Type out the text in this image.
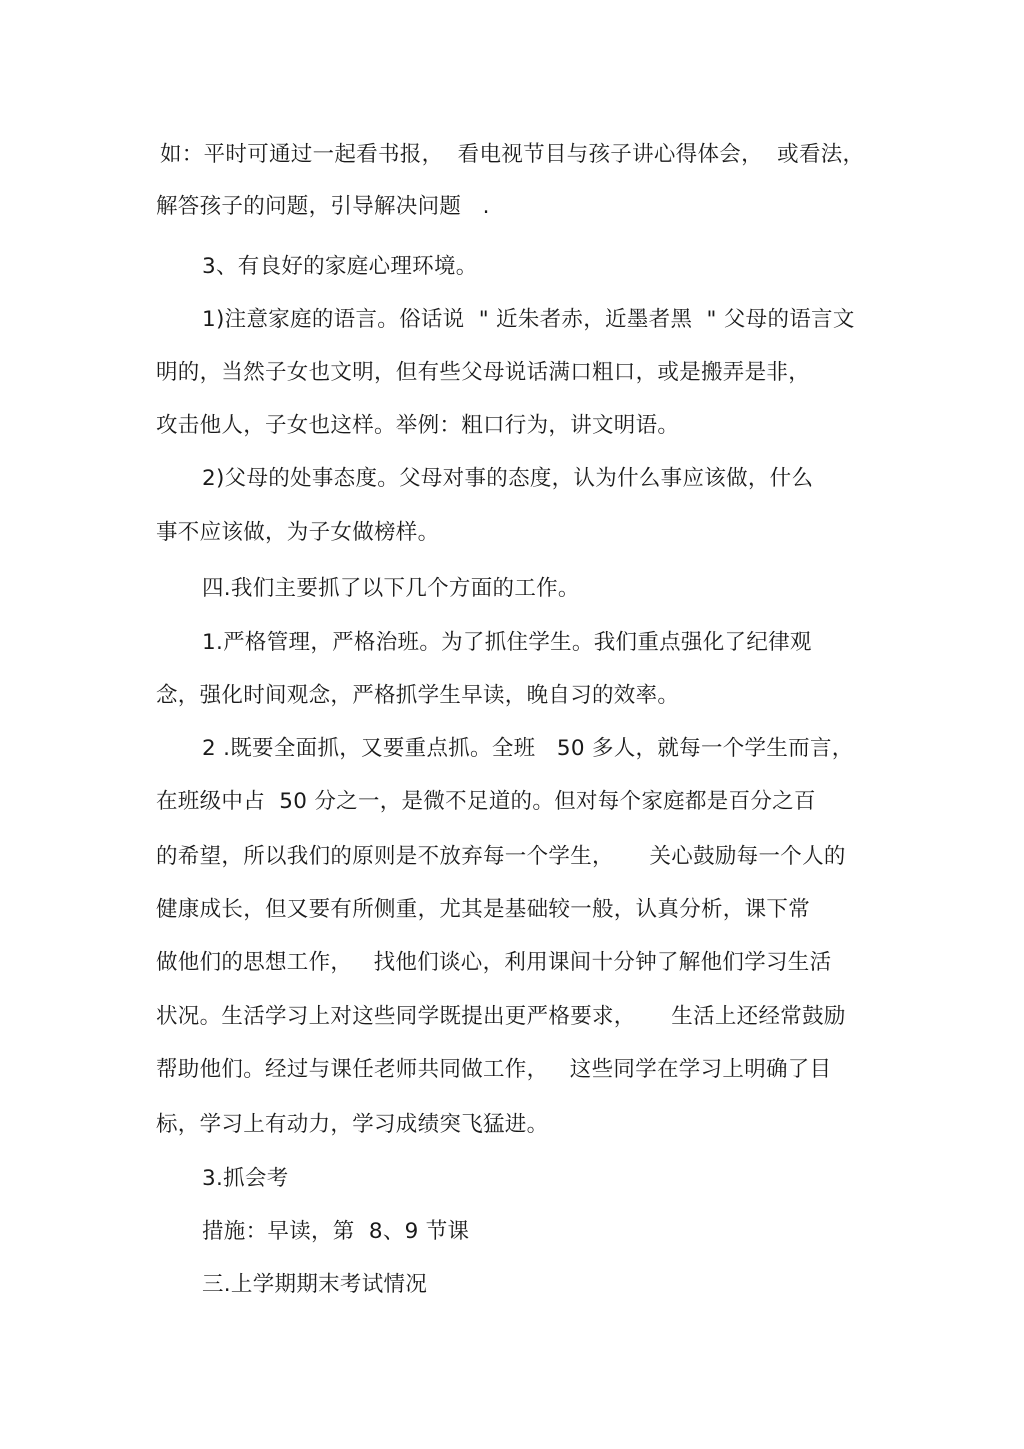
如：平时可通过一起看书报，  看电视节目与孩子讲心得体会，  或看法，
解答孩子的问题，引导解决问题   .
3、有良好的家庭心理环境。
1)注意家庭的语言。俗话说  " 近朱者赤，近墨者黑  " 父母的语言文
明的，当然子女也文明，但有些父母说话满口粗口，或是搬弄是非，
攻击他人，子女也这样。举例：粗口行为，讲文明语。
2)父母的处事态度。父母对事的态度，认为什么事应该做，什么
事不应该做，为子女做榜样。
四.我们主要抓了以下几个方面的工作。
1.严格管理，严格治班。为了抓住学生。我们重点强化了纪律观
念，强化时间观念，严格抓学生早读，晚自习的效率。
2 .既要全面抓，又要重点抓。全班   50 多人，就每一个学生而言，
在班级中占  50 分之一，是微不足道的。但对每个家庭都是百分之百
的希望，所以我们的原则是不放弃每一个学生，     关心鼓励每一个人的
健康成长，但又要有所侧重，尤其是基础较一般，认真分析，课下常
做他们的思想工作，   找他们谈心，利用课间十分钟了解他们学习生活
状况。生活学习上对这些同学既提出更严格要求，     生活上还经常鼓励
帮助他们。经过与课任老师共同做工作，   这些同学在学习上明确了目
标，学习上有动力，学习成绩突飞猛进。
3.抓会考
措施：早读，第  8、9 节课
三.上学期期末考试情况
